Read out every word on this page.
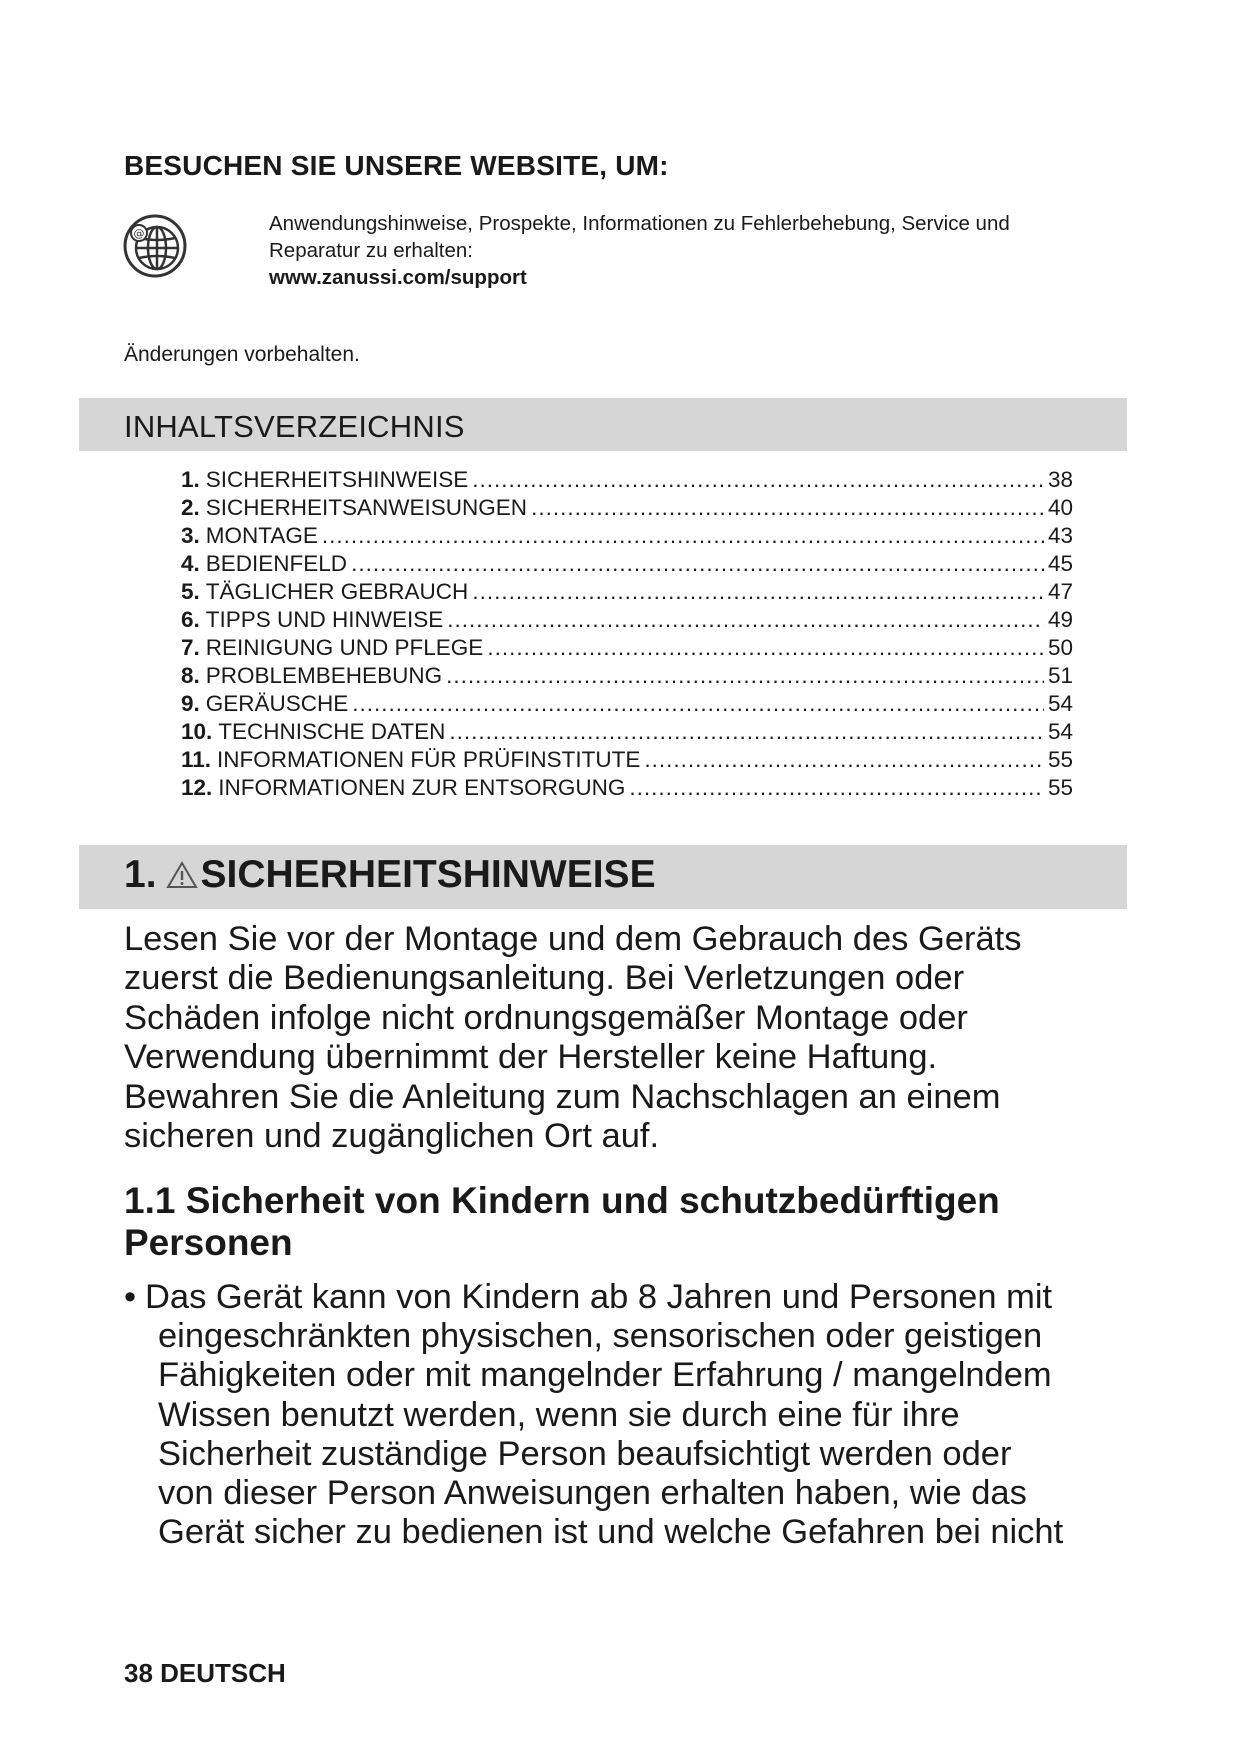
BESUCHEN SIE UNSERE WEBSITE, UM:
@	Anwendungshinweise, Prospekte, Informationen zu Fehlerbehebung, Service und
Reparatur zu erhalten:
www.zanussi.com/support
Änderungen vorbehalten.
INHALTSVERZEICHNIS
1. SICHERHEITSHINWEISE .....	38
2. SICHERHEITSANWEISUNGEN .....	40
3. MONTAGE .....	43
4. BEDIENFELD .....	45
5. TÄGLICHER GEBRAUCH .....	47
6. TIPPS UND HINWEISE .....	49
7. REINIGUNG UND PFLEGE .....	50
8. PROBLEMBEHEBUNG .....	51
9. GERÄUSCHE .....	54
10. TECHNISCHE DATEN .....	54
11. INFORMATIONEN FÜR PRÜFINSTITUTE .....	55
12. INFORMATIONEN ZUR ENTSORGUNG .....	55
1. SICHERHEITSHINWEISE
Lesen Sie vor der Montage und dem Gebrauch des Geräts
zuerst die Bedienungsanleitung. Bei Verletzungen oder
Schäden infolge nicht ordnungsgemäßer Montage oder
Verwendung übernimmt der Hersteller keine Haftung.
Bewahren Sie die Anleitung zum Nachschlagen an einem
sicheren und zugänglichen Ort auf.
1.1 Sicherheit von Kindern und schutzbedürftigen
Personen
• Das Gerät kann von Kindern ab 8 Jahren und Personen mit
eingeschränkten physischen, sensorischen oder geistigen
Fähigkeiten oder mit mangelnder Erfahrung / mangelndem
Wissen benutzt werden, wenn sie durch eine für ihre
Sicherheit zuständige Person beaufsichtigt werden oder
von dieser Person Anweisungen erhalten haben, wie das
Gerät sicher zu bedienen ist und welche Gefahren bei nicht
38 DEUTSCH
